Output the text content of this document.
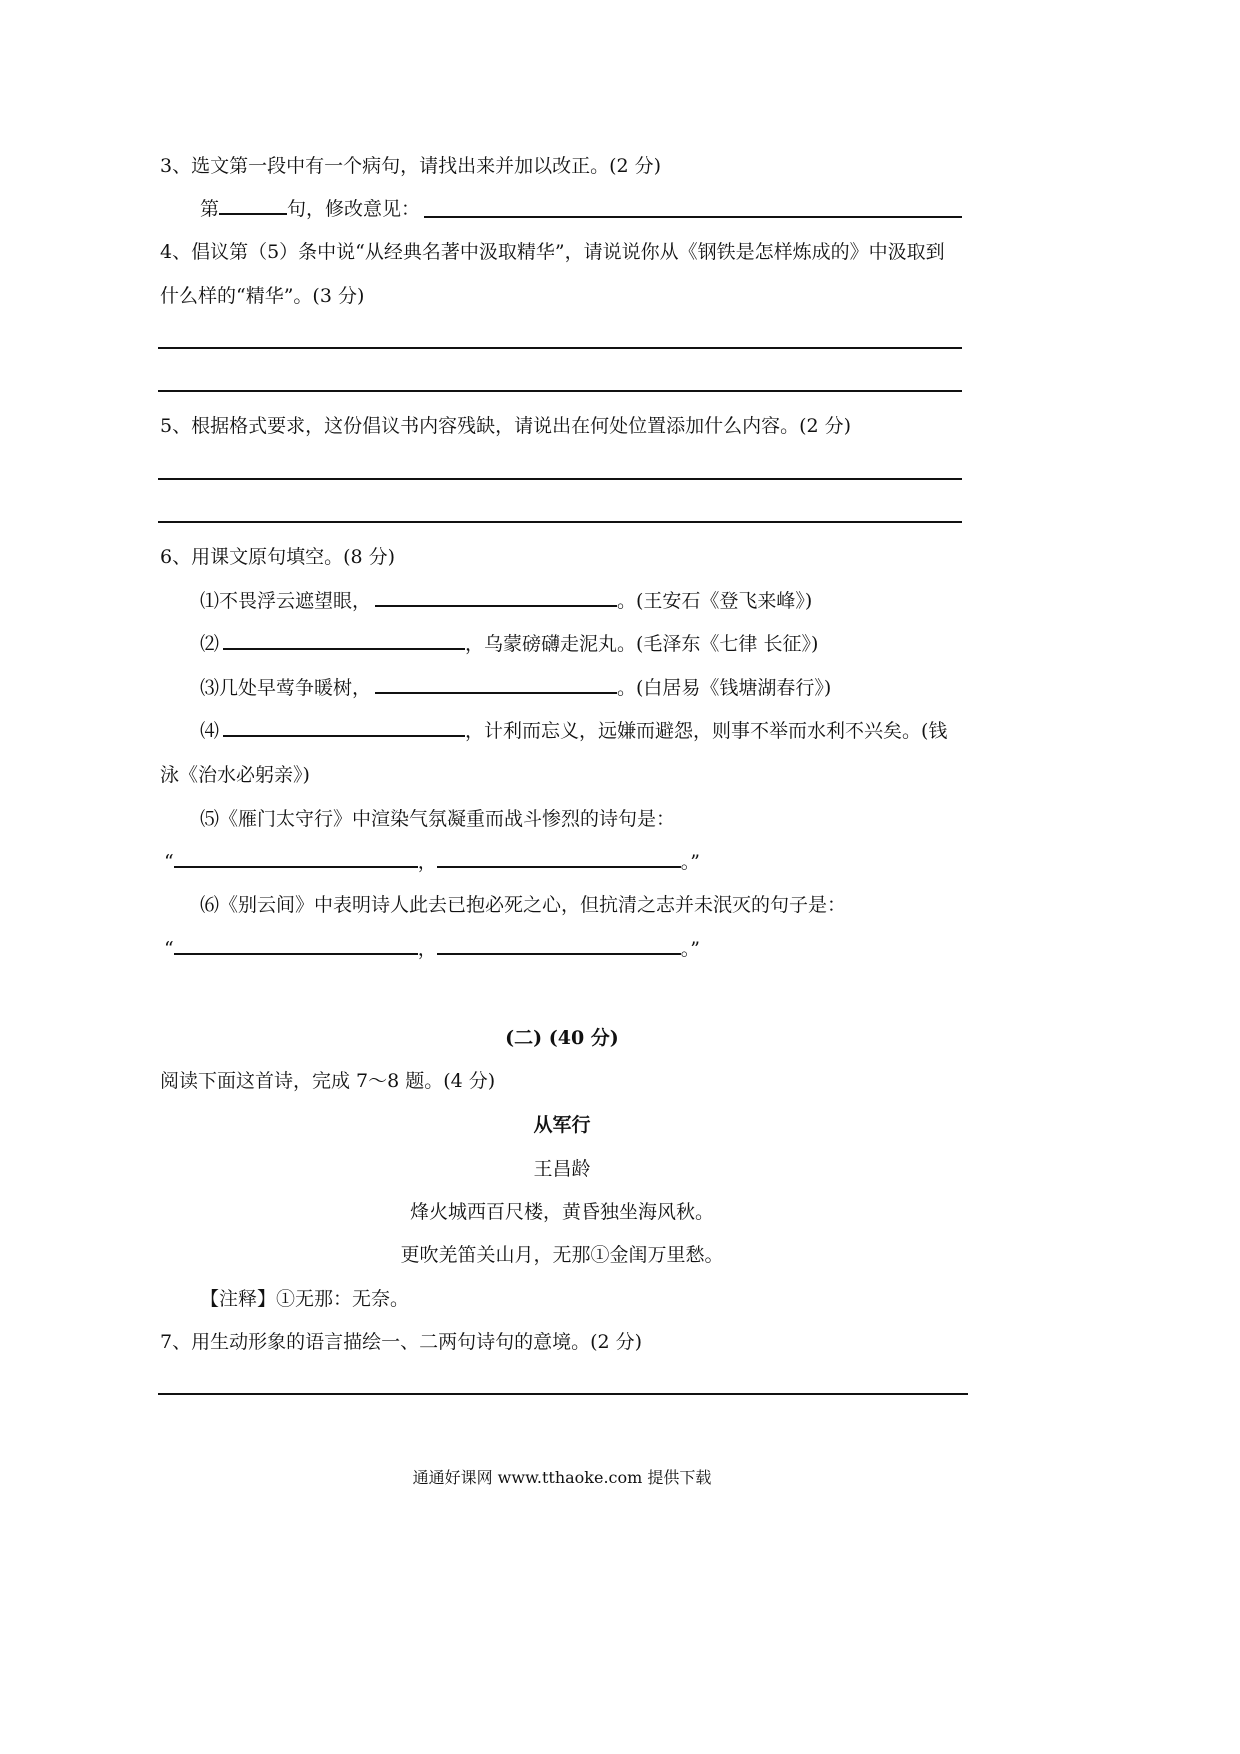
3、选文第一段中有一个病句，请找出来并加以改正。(2 分)
第	句，修改意见：
4、倡议第（5）条中说“从经典名著中汲取精华”，请说说你从《钢铁是怎样炼成的》中汲取到
什么样的“精华”。(3 分)
5、根据格式要求，这份倡议书内容残缺，请说出在何处位置添加什么内容。(2 分)
6、用课文原句填空。(8 分)
⑴不畏浮云遮望眼，	。(王安石《登飞来峰》)
⑵	，乌蒙磅礴走泥丸。(毛泽东《七律 长征》)
⑶几处早莺争暖树，	。(白居易《钱塘湖春行》)
⑷	，计利而忘义，远嫌而避怨，则事不举而水利不兴矣。(钱
泳《治水必躬亲》)
⑸《雁门太守行》中渲染气氛凝重而战斗惨烈的诗句是：
“	，	。”
⑹《别云间》中表明诗人此去已抱必死之心，但抗清之志并未泯灭的句子是：
“	，	。”
(二) (40 分)
阅读下面这首诗，完成 7～8 题。(4 分)
从军行
王昌龄
烽火城西百尺楼，黄昏独坐海风秋。
更吹羌笛关山月，无那①金闺万里愁。
【注释】①无那：无奈。
7、用生动形象的语言描绘一、二两句诗句的意境。(2 分)
通通好课网 www.tthaoke.com 提供下载
